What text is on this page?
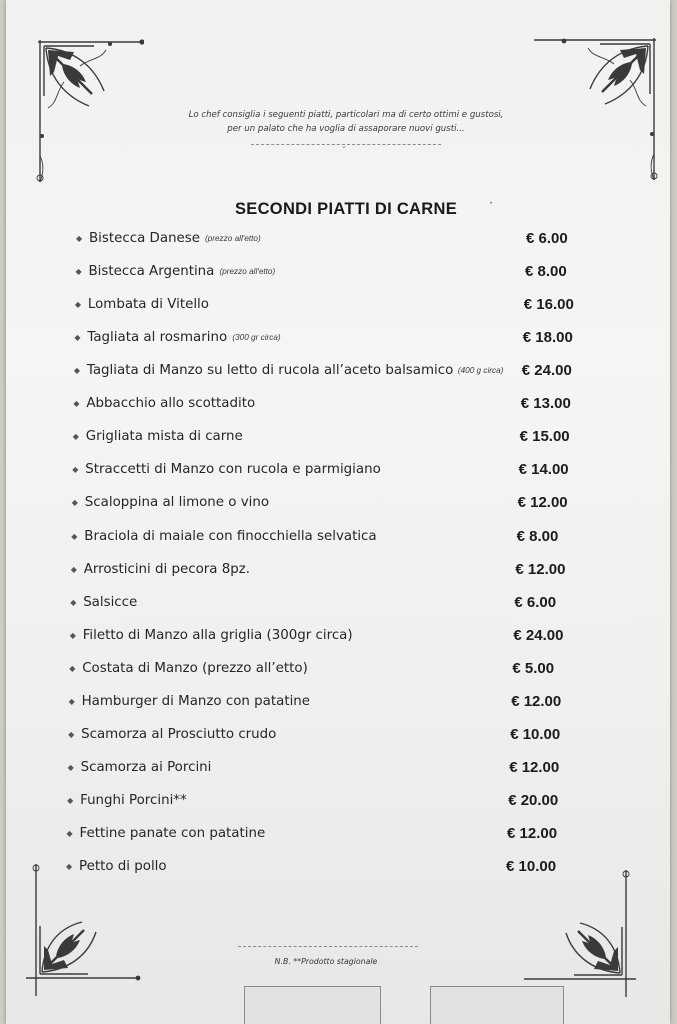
Lo chef consiglia i seguenti piatti, particolari ma di certo ottimi e gustosi,
per un palato che ha voglia di assaporare nuovi gusti...
⌄
SECONDI PIATTI DI CARNE	•
◆ Bistecca Danese (prezzo all'etto)	€ 6.00
◆ Bistecca Argentina (prezzo all'etto)	€ 8.00
◆ Lombata di Vitello	€ 16.00
◆ Tagliata al rosmarino (300 gr circa)	€ 18.00
◆ Tagliata di Manzo su letto di rucola all’aceto balsamico (400 g circa) € 24.00
◆ Abbacchio allo scottadito	€ 13.00
◆ Grigliata mista di carne	€ 15.00
◆ Straccetti di Manzo con rucola e parmigiano	€ 14.00
◆ Scaloppina al limone o vino	€ 12.00
◆ Braciola di maiale con finocchiella selvatica	€ 8.00
◆ Arrosticini di pecora 8pz.	€ 12.00
◆ Salsicce	€ 6.00
◆ Filetto di Manzo alla griglia (300gr circa)	€ 24.00
◆ Costata di Manzo (prezzo all’etto)	€ 5.00
◆ Hamburger di Manzo con patatine	€ 12.00
◆ Scamorza al Prosciutto crudo	€ 10.00
◆ Scamorza ai Porcini	€ 12.00
◆ Funghi Porcini**	€ 20.00
◆ Fettine panate con patatine	€ 12.00
◆ Petto di pollo	€ 10.00
N.B. **Prodotto stagionale
